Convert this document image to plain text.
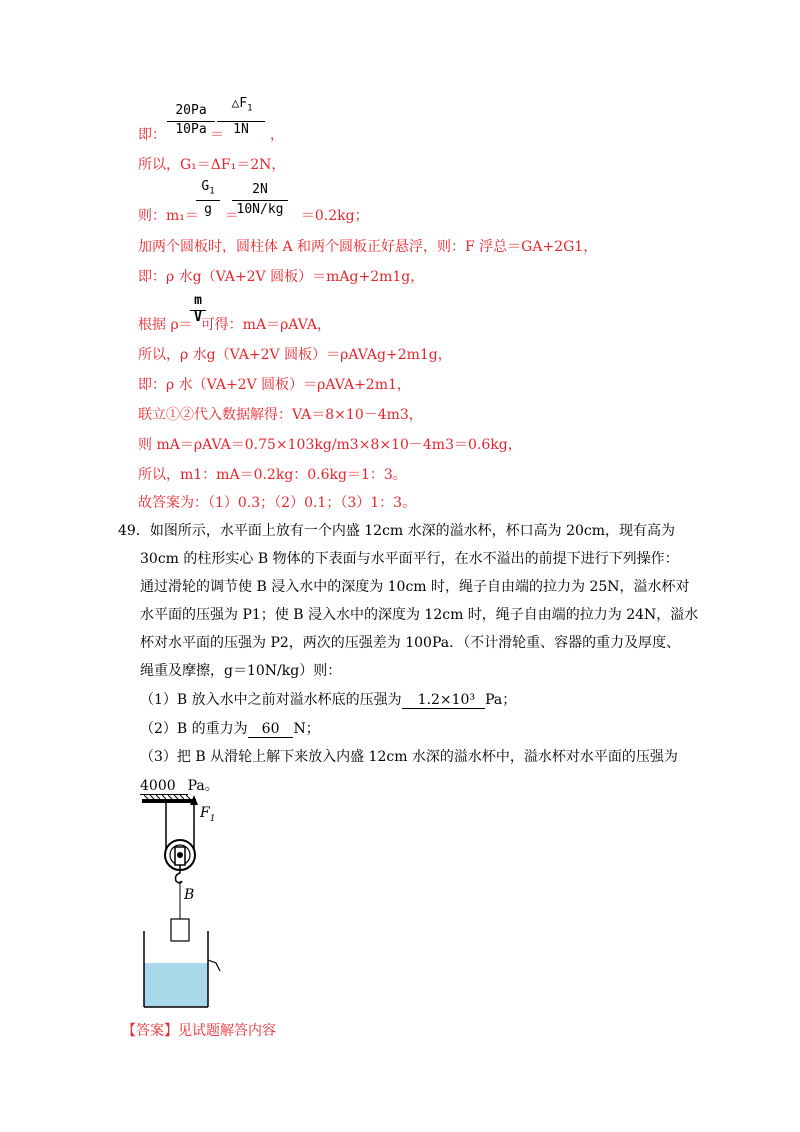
20Pa
10Pa
$\triangle F_1$
1N
即：	＝	，
所以，G₁＝ΔF₁＝2N，
$G_1$
g
2N
10N/kg
则：m₁＝ ＝	＝0.2kg；
加两个圆板时，圆柱体 A 和两个圆板正好悬浮，则：F 浮总＝GA+2G1，
即：ρ 水g（VA+2V 圆板）＝mAg+2m1g，
m
V
根据 ρ＝ 可得：mA＝ρAVA，
所以，ρ 水g（VA+2V 圆板）＝ρAVAg+2m1g，
即：ρ 水（VA+2V 圆板）＝ρAVA+2m1，
联立①②代入数据解得：VA＝8×10－4m3，
则 mA＝ρAVA＝0.75×103kg/m3×8×10－4m3＝0.6kg，
所以，m1：mA＝0.2kg：0.6kg＝1：3。
故答案为：（1）0.3；（2）0.1；（3）1：3。
49．如图所示，水平面上放有一个内盛 12cm 水深的溢水杯，杯口高为 20cm，现有高为
30cm 的柱形实心 B 物体的下表面与水平面平行，在水不溢出的前提下进行下列操作：
通过滑轮的调节使 B 浸入水中的深度为 10cm 时，绳子自由端的拉力为 25N，溢水杯对
水平面的压强为 P1；使 B 浸入水中的深度为 12cm 时，绳子自由端的拉力为 24N，溢水
杯对水平面的压强为 P2，两次的压强差为 100Pa．（不计滑轮重、容器的重力及厚度、
绳重及摩擦，g＝10N/kg）则：
（1）B 放入水中之前对溢水杯底的压强为 1.2×10³ Pa；
（2）B 的重力为 60 N；
（3）把 B 从滑轮上解下来放入内盛 12cm 水深的溢水杯中，溢水杯对水平面的压强为
4000 Pa。
$F_1$
B
【答案】见试题解答内容
